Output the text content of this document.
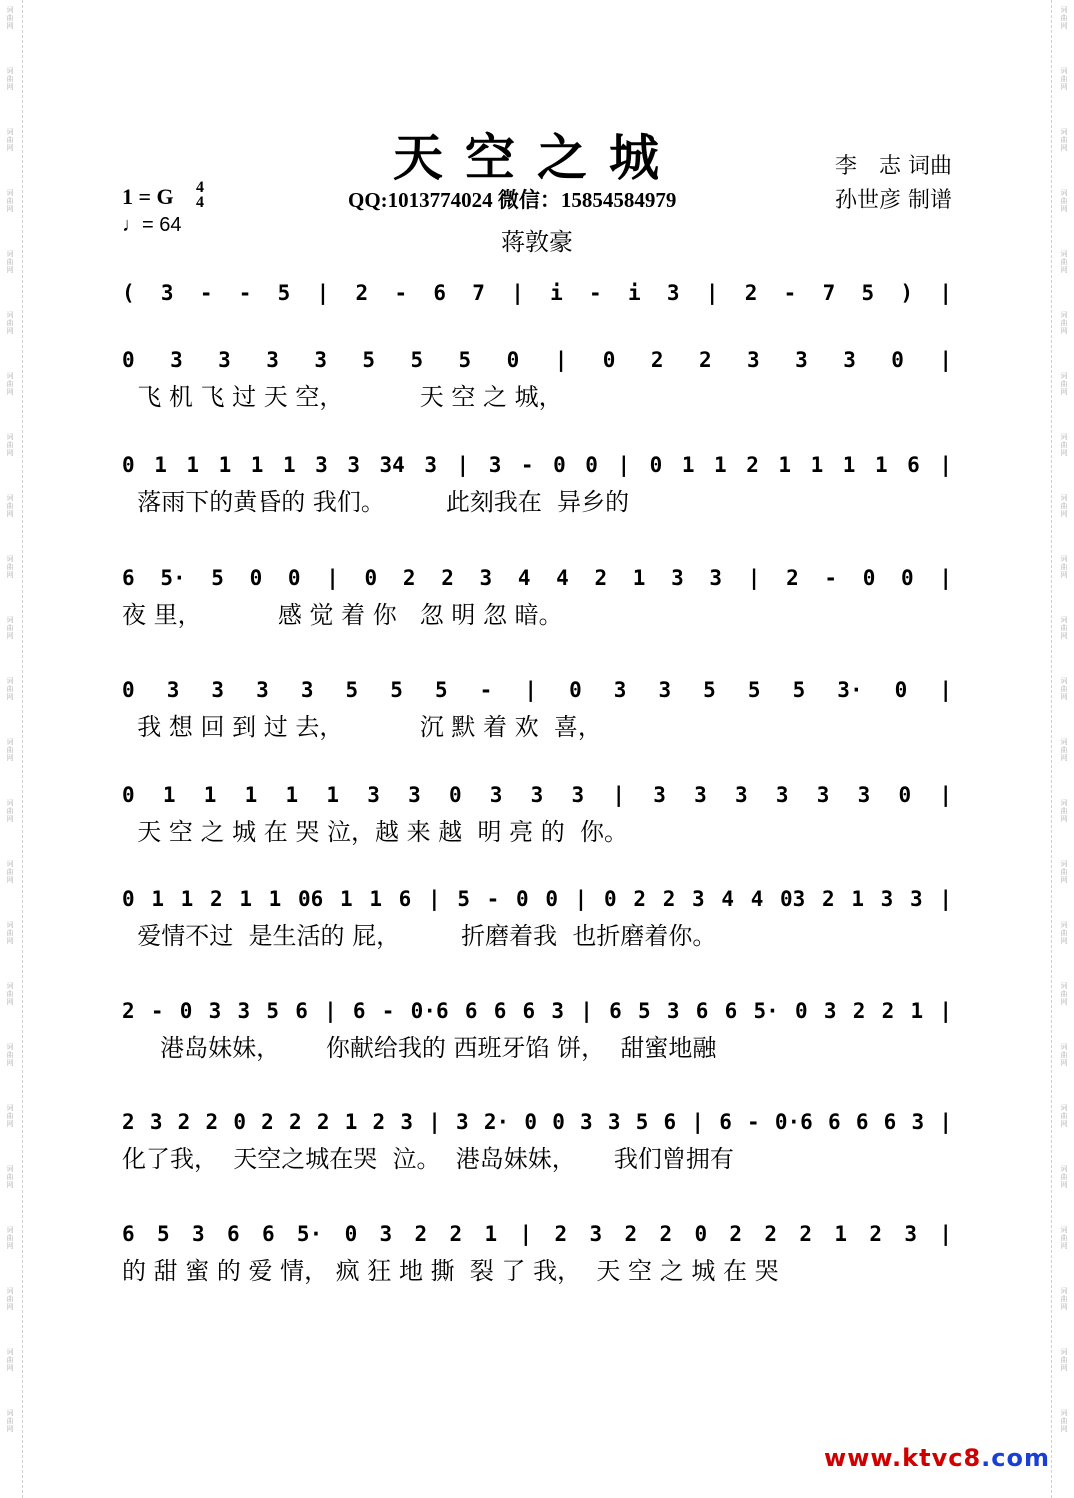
词
曲
网
词
曲
网
词
曲
网
词
曲
网
词
曲
网
词
曲
网
词
曲
网
词
曲
网
词
曲
网
词
曲
网
词
曲
网
词
曲
网
词
曲
网
词
曲
网
词
曲
网
词
曲
网
词
曲
网
词
曲
网
词
曲
网
词
曲
网
词
曲
网
词
曲
网
词
曲
网
词
曲
网
词
曲
网
词
曲
网
词
曲
网
词
曲
网
词
曲
网
词
曲
网
词
曲
网
词
曲
网
词
曲
网
词
曲
网
词
曲
网
词
曲
网
词
曲
网
词
曲
网
词
曲
网
词
曲
网
词
曲
网
词
曲
网
词
曲
网
词
曲
网
词
曲
网
词
曲
网
词
曲
网
词
曲
网
天空之城	李　志 词曲
孙世彦 制谱
1 = G 4
4
♩= 64
QQ:1013774024 微信：15854584979
蒋敦豪
( 3 - - 5 | 2 - 6 7 | i - i 3 | 2 - 7 5 ) |
0 3 3 3 3 5 5 5 0 | 0 2 2 3 3 3 0 |
飞 机 飞 过 天 空，          天 空 之 城，
0 1 1 1 1 1 3 3 34 3 | 3 - 0 0 | 0 1 1 2 1 1 1 1 6 |
落雨下的黄昏的 我们。        此刻我在  异乡的
6 5· 5 0 0 | 0 2 2 3 4 4 2 1 3 3 | 2 - 0 0 |
夜 里，          感 觉 着 你   忽 明 忽 暗。
0 3 3 3 3 5 5 5 - | 0 3 3 5 5 5 3· 0 |
我 想 回 到 过 去，          沉 默 着 欢  喜，
0 1 1 1 1 1 3 3 0 3 3 3 | 3 3 3 3 3 3 0 |
天 空 之 城 在 哭 泣，越 来 越  明 亮 的  你。
0 1 1 2 1 1 06 1 1 6 | 5 - 0 0 | 0 2 2 3 4 4 03 2 1 3 3 |
爱情不过  是生活的 屁，        折磨着我  也折磨着你。
2 - 0 3 3 5 6 | 6 - 0·6 6 6 6 3 | 6 5 3 6 6 5· 0 3 2 2 1 |
港岛妹妹，      你献给我的 西班牙馅 饼，  甜蜜地融
2 3 2 2 0 2 2 2 1 2 3 | 3 2· 0 0 3 3 5 6 | 6 - 0·6 6 6 6 3 |
化了我，  天空之城在哭  泣。  港岛妹妹，     我们曾拥有
6 5 3 6 6 5· 0 3 2 2 1 | 2 3 2 2 0 2 2 2 1 2 3 |
的 甜 蜜 的 爱 情， 疯 狂 地 撕  裂 了 我，  天 空 之 城 在 哭
www.ktvc8.com
